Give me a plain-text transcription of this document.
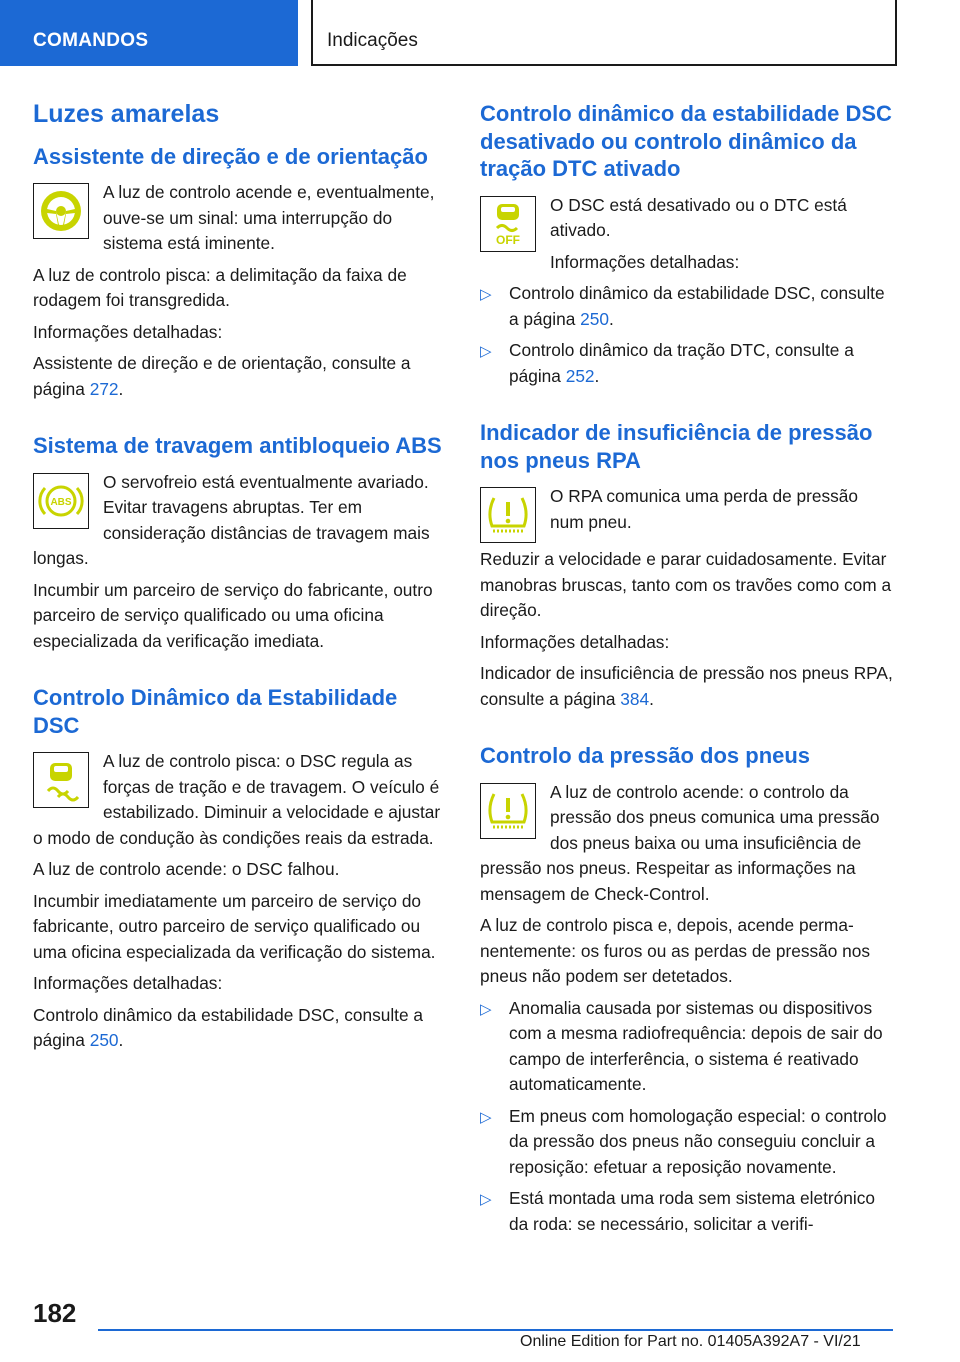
COMANDOS	Indicações
Luzes amarelas
Assistente de direção e de orientação

A luz de controlo acende e, eventualmente, ouve-se um sinal: uma interrupção do sistema está iminente.

A luz de controlo pisca: a delimitação da faixa de rodagem foi transgredida.

Informações detalhadas:

Assistente de direção e de orientação, consulte a página 272.

Sistema de travagem antibloqueio ABS
ABS

O servofreio está eventualmente avariado. Evitar travagens abruptas. Ter em consideração distâncias de travagem mais longas.

Incumbir um parceiro de serviço do fabricante, outro parceiro de serviço qualificado ou uma oficina especializada da verificação imediata.

Controlo Dinâmico da Estabilidade DSC

A luz de controlo pisca: o DSC regula as forças de tração e de travagem. O veículo é estabilizado. Diminuir a velocidade e ajustar o modo de condução às condições reais da estrada.

A luz de controlo acende: o DSC falhou.

Incumbir imediatamente um parceiro de serviço do fabricante, outro parceiro de serviço qualificado ou uma oficina especializada da verificação do sistema.

Informações detalhadas:

Controlo dinâmico da estabilidade DSC, consulte a página 250.

Controlo dinâmico da estabilidade DSC desativado ou controlo dinâmico da tração DTC ativado
OFF

O DSC está desativado ou o DTC está ativado.

Informações detalhadas:

▷ Controlo dinâmico da estabilidade DSC, consulte a página 250.
▷ Controlo dinâmico da tração DTC, consulte a página 252.
Indicador de insuficiência de pressão nos pneus RPA

O RPA comunica uma perda de pressão num pneu.

Reduzir a velocidade e parar cuidadosamente. Evitar manobras bruscas, tanto com os travões como com a direção.

Informações detalhadas:

Indicador de insuficiência de pressão nos pneus RPA, consulte a página 384.

Controlo da pressão dos pneus

A luz de controlo acende: o controlo da pressão dos pneus comunica uma pressão dos pneus baixa ou uma insuficiência de pressão nos pneus. Respeitar as informações na mensagem de Check-Control.

A luz de controlo pisca e, depois, acende permanentemente: os furos ou as perdas de pressão nos pneus não podem ser detetados.

▷ Anomalia causada por sistemas ou dispositivos com a mesma radiofrequência: depois de sair do campo de interferência, o sistema é reativado automaticamente.
▷ Em pneus com homologação especial: o controlo da pressão dos pneus não conseguiu concluir a reposição: efetuar a reposição novamente.
▷ Está montada uma roda sem sistema eletrónico da roda: se necessário, solicitar a verifi-
182
Online Edition for Part no. 01405A392A7 - VI/21
